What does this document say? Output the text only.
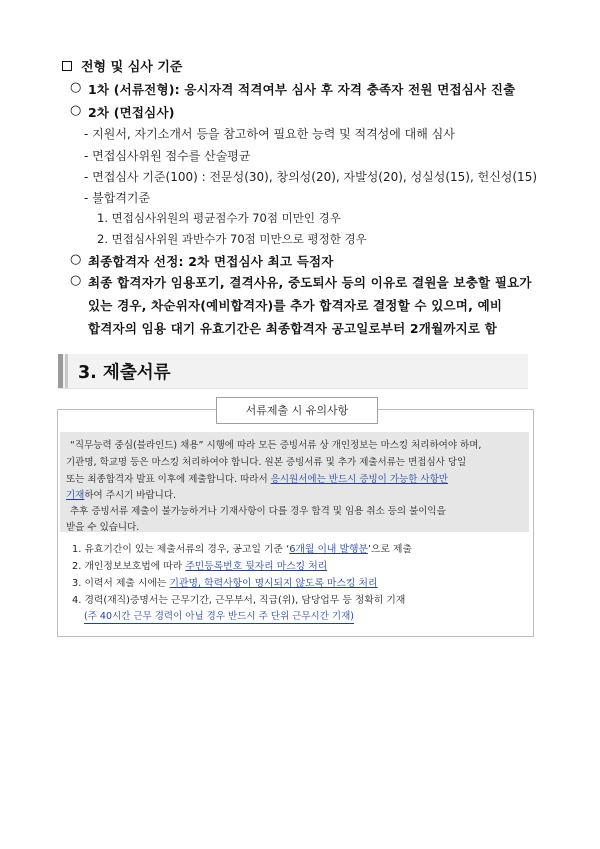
전형 및 심사 기준
○ 1차 (서류전형): 응시자격 적격여부 심사 후 자격 충족자 전원 면접심사 진출
○ 2차 (면접심사)
- 지원서, 자기소개서 등을 참고하여 필요한 능력 및 적격성에 대해 심사
- 면접심사위원 점수를 산술평균
- 면접심사 기준(100) : 전문성(30), 창의성(20), 자발성(20), 성실성(15), 헌신성(15)
- 불합격기준
1. 면접심사위원의 평균점수가 70점 미만인 경우
2. 면접심사위원 과반수가 70점 미만으로 평정한 경우
○ 최종합격자 선정: 2차 면접심사 최고 득점자
○ 최종 합격자가 임용포기, 결격사유, 중도퇴사 등의 이유로 결원을 보충할 필요가
있는 경우, 차순위자(예비합격자)를 추가 합격자로 결정할 수 있으며, 예비
합격자의 임용 대기 유효기간은 최종합격자 공고일로부터 2개월까지로 함
3. 제출서류
서류제출 시 유의사항
“직무능력 중심(블라인드) 채용” 시행에 따라 모든 증빙서류 상 개인정보는 마스킹 처리하여야 하며,
기관명, 학교명 등은 마스킹 처리하여야 합니다. 원본 증빙서류 및 추가 제출서류는 면접심사 당일
또는 최종합격자 발표 이후에 제출합니다. 따라서 응시원서에는 반드시 증빙이 가능한 사항만
기재하여 주시기 바랍니다.
추후 증빙서류 제출이 불가능하거나 기재사항이 다를 경우 합격 및 임용 취소 등의 불이익을
받을 수 있습니다.
1. 유효기간이 있는 제출서류의 경우, 공고일 기준 ‘6개월 이내 발행분’으로 제출
2. 개인정보보호법에 따라 주민등록번호 뒷자리 마스킹 처리
3. 이력서 제출 시에는 기관명, 학력사항이 명시되지 않도록 마스킹 처리
4. 경력(재직)증명서는 근무기간, 근무부서, 직급(위), 담당업무 등 정확히 기재
(주 40시간 근무 경력이 아닐 경우 반드시 주 단위 근무시간 기재)
